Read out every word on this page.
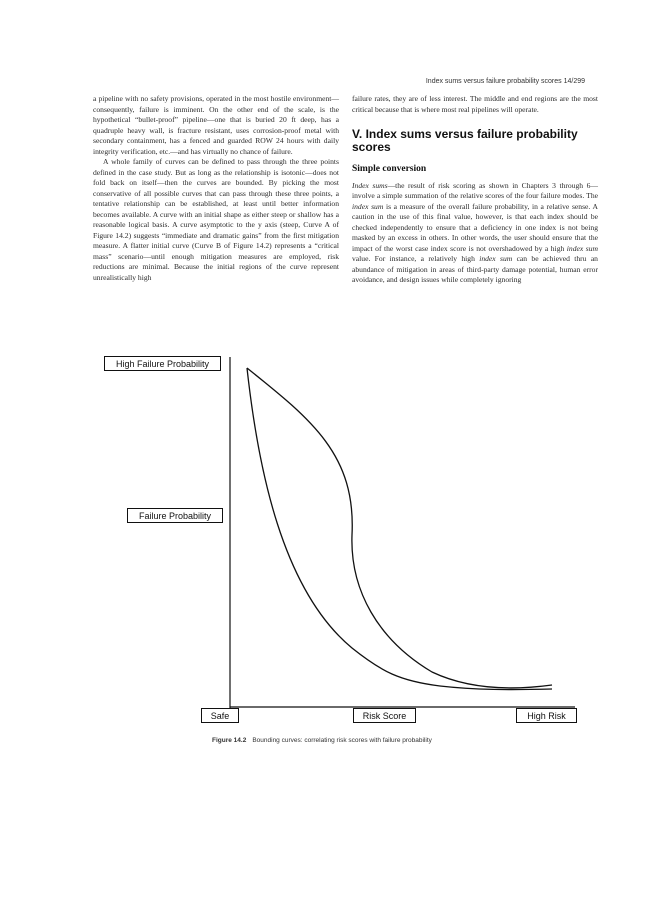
Index sums versus failure probability scores 14/299

a pipeline with no safety provisions, operated in the most hostile environment—consequently, failure is imminent. On the other end of the scale, is the hypothetical “bullet-proof” pipeline—one that is buried 20 ft deep, has a quadruple heavy wall, is fracture resistant, uses corrosion-proof metal with secondary containment, has a fenced and guarded ROW 24 hours with daily integrity verification, etc.—and has virtually no chance of failure.

A whole family of curves can be defined to pass through the three points defined in the case study. But as long as the relationship is isotonic—does not fold back on itself—then the curves are bounded. By picking the most conservative of all possible curves that can pass through these three points, a tentative relationship can be established, at least until better information becomes available. A curve with an initial shape as either steep or shallow has a reasonable logical basis. A curve asymptotic to the y axis (steep, Curve A of Figure 14.2) suggests “immediate and dramatic gains” from the first mitigation measure. A flatter initial curve (Curve B of Figure 14.2) represents a “critical mass” scenario—until enough mitigation measures are employed, risk reductions are minimal. Because the initial regions of the curve represent unrealistically high

failure rates, they are of less interest. The middle and end regions are the most critical because that is where most real pipelines will operate.

V. Index sums versus failure probability scores

Simple conversion

Index sums—the result of risk scoring as shown in Chapters 3 through 6—involve a simple summation of the relative scores of the four failure modes. The index sum is a measure of the overall failure probability, in a relative sense. A caution in the use of this final value, however, is that each index should be checked independently to ensure that a deficiency in one index is not being masked by an excess in others. In other words, the user should ensure that the impact of the worst case index score is not overshadowed by a high index sum value. For instance, a relatively high index sum can be achieved thru an abundance of mitigation in areas of third-party damage potential, human error avoidance, and design issues while completely ignoring

High Failure Probability
Failure Probability
Safe	Risk Score	High Risk
Figure 14.2 Bounding curves: correlating risk scores with failure probability
